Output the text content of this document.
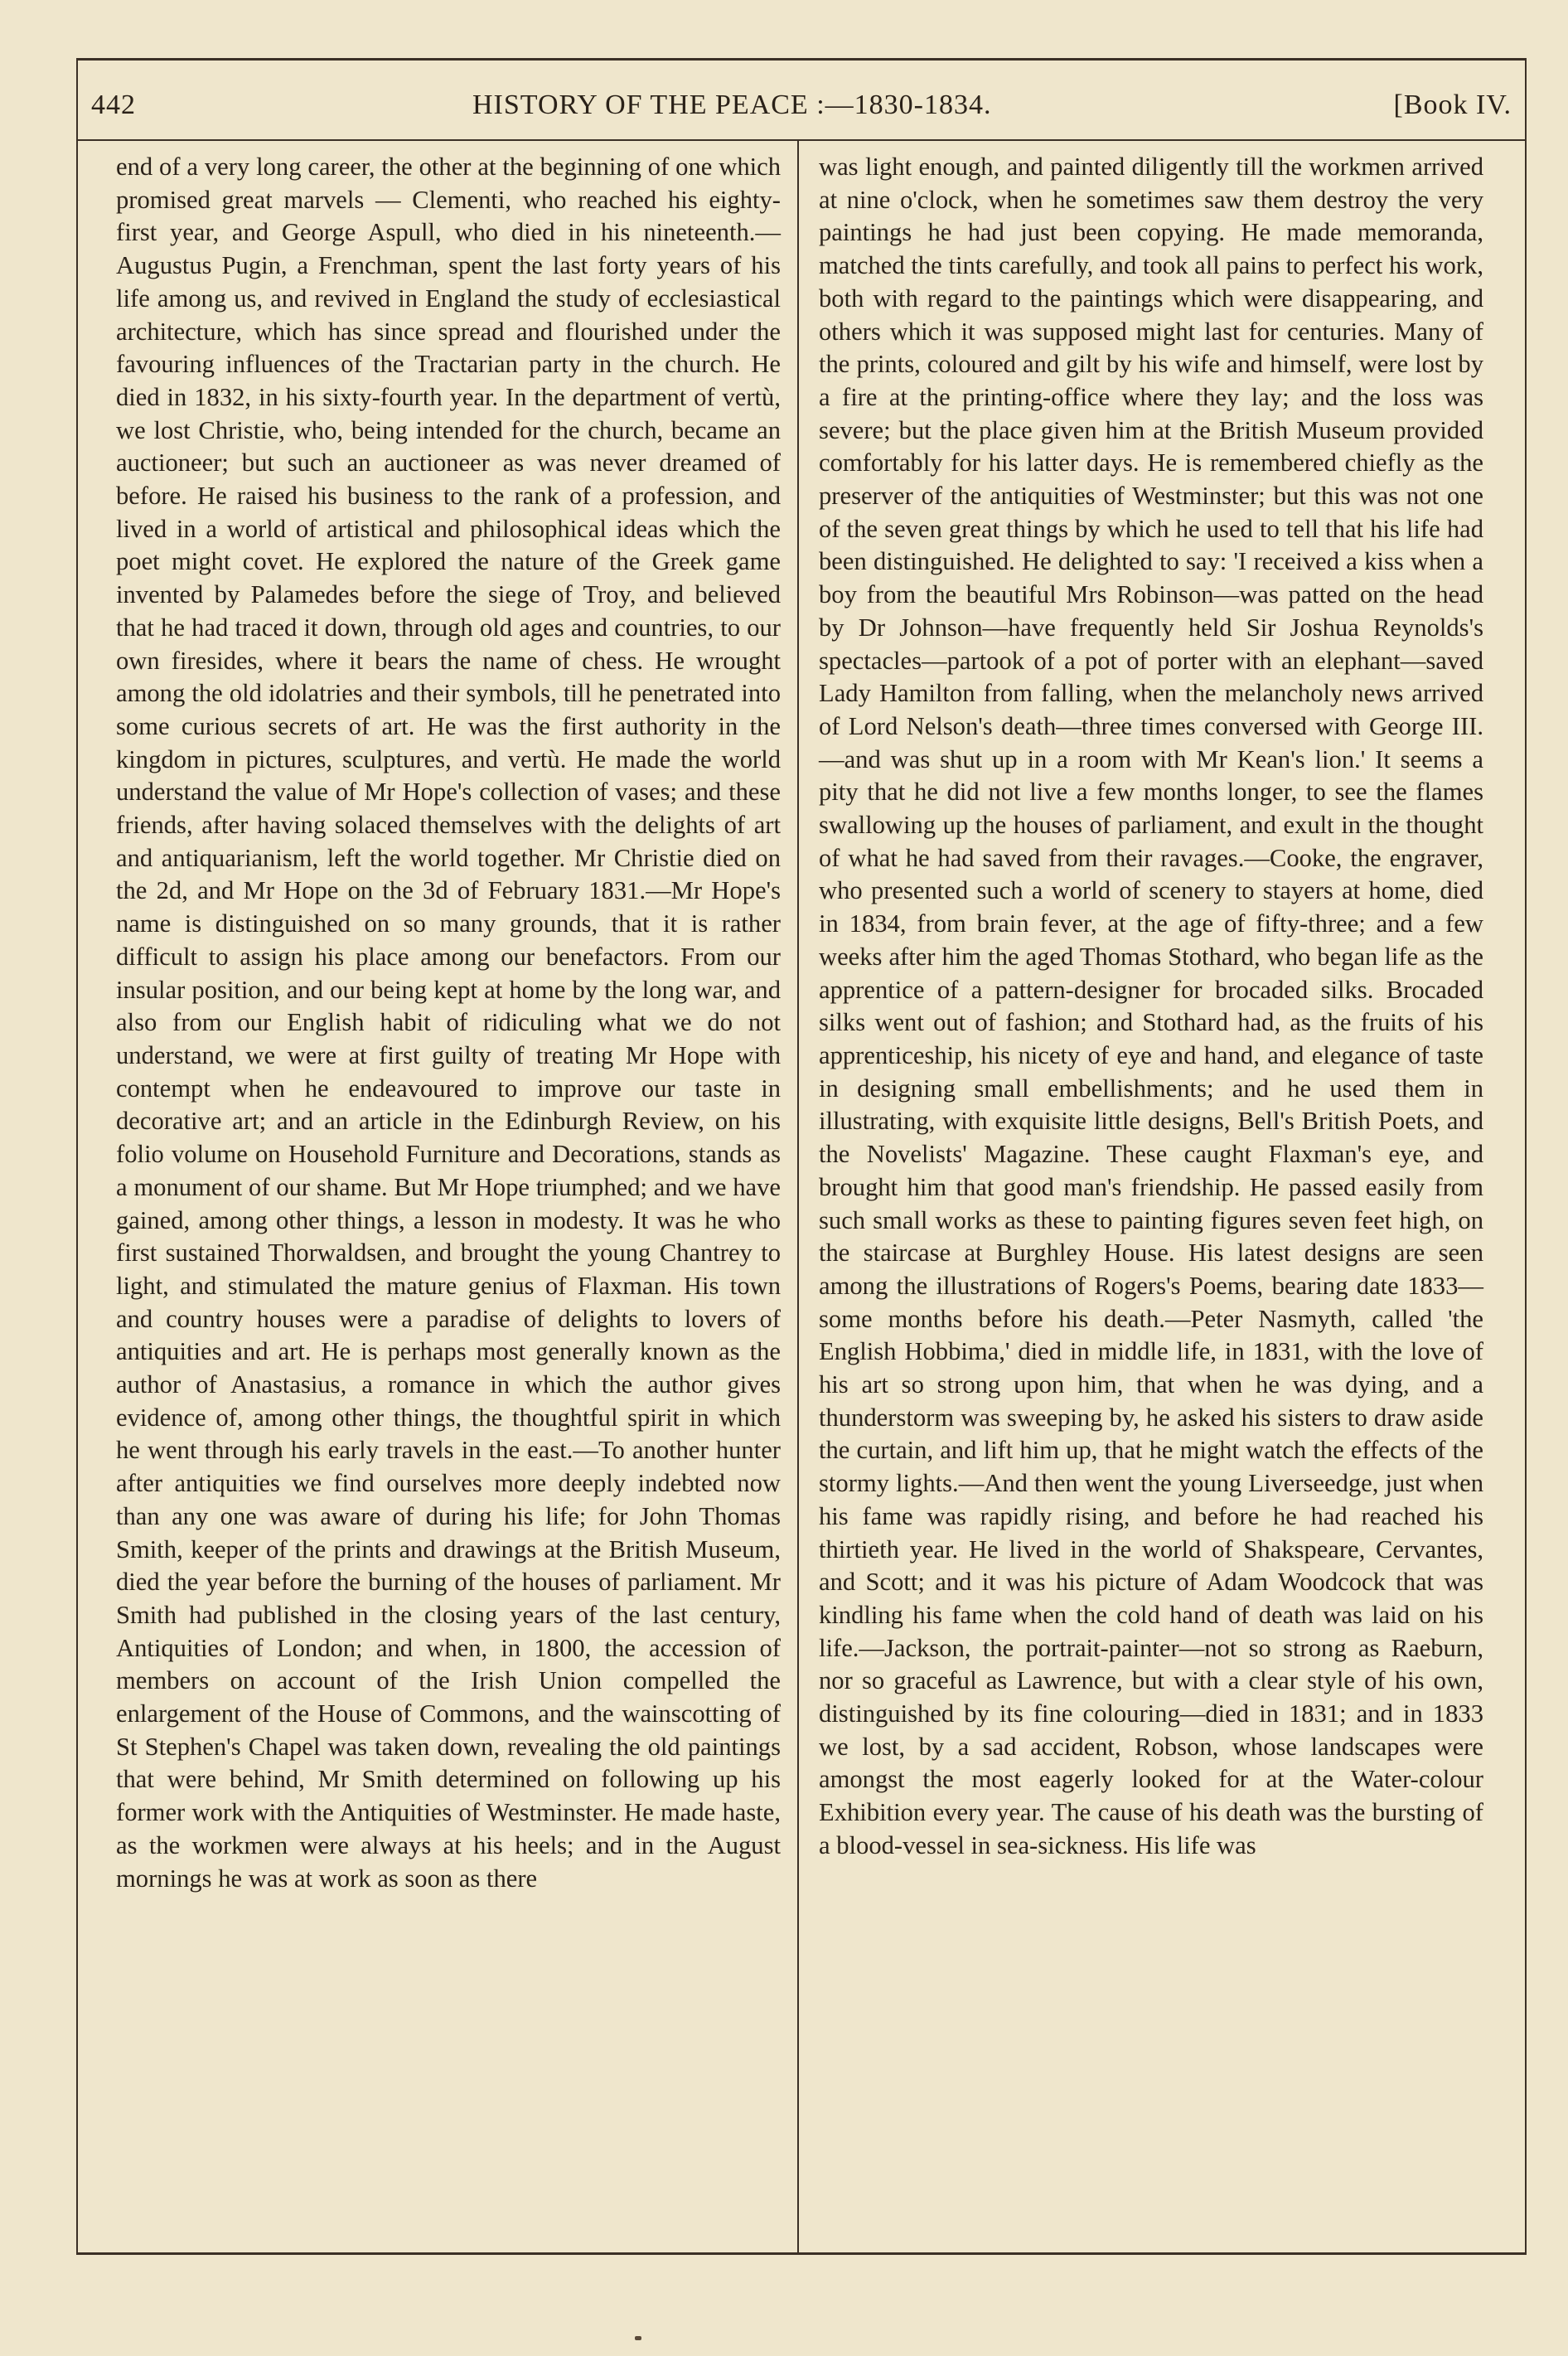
442	HISTORY OF THE PEACE :—1830-1834.	[Book IV.

end of a very long career, the other at the beginning of one which promised great marvels — Clementi, who reached his eighty-first year, and George Aspull, who died in his nineteenth.—Augustus Pugin, a Frenchman, spent the last forty years of his life among us, and revived in England the study of ecclesiastical architecture, which has since spread and flourished under the favouring influences of the Tractarian party in the church. He died in 1832, in his sixty-fourth year. In the department of vertù, we lost Christie, who, being intended for the church, became an auctioneer; but such an auctioneer as was never dreamed of before. He raised his business to the rank of a profession, and lived in a world of artistical and philosophical ideas which the poet might covet. He explored the nature of the Greek game invented by Palamedes before the siege of Troy, and believed that he had traced it down, through old ages and countries, to our own firesides, where it bears the name of chess. He wrought among the old idolatries and their symbols, till he penetrated into some curious secrets of art. He was the first authority in the kingdom in pictures, sculptures, and vertù. He made the world understand the value of Mr Hope's collection of vases; and these friends, after having solaced themselves with the delights of art and antiquarianism, left the world together. Mr Christie died on the 2d, and Mr Hope on the 3d of February 1831.—Mr Hope's name is distinguished on so many grounds, that it is rather difficult to assign his place among our benefactors. From our insular position, and our being kept at home by the long war, and also from our English habit of ridiculing what we do not understand, we were at first guilty of treating Mr Hope with contempt when he endeavoured to improve our taste in decorative art; and an article in the Edinburgh Review, on his folio volume on Household Furniture and Decorations, stands as a monument of our shame. But Mr Hope triumphed; and we have gained, among other things, a lesson in modesty. It was he who first sustained Thorwaldsen, and brought the young Chantrey to light, and stimulated the mature genius of Flaxman. His town and country houses were a paradise of delights to lovers of antiquities and art. He is perhaps most generally known as the author of Anastasius, a romance in which the author gives evidence of, among other things, the thoughtful spirit in which he went through his early travels in the east.—To another hunter after antiquities we find ourselves more deeply indebted now than any one was aware of during his life; for John Thomas Smith, keeper of the prints and drawings at the British Museum, died the year before the burning of the houses of parliament. Mr Smith had published in the closing years of the last century, Antiquities of London; and when, in 1800, the accession of members on account of the Irish Union compelled the enlargement of the House of Commons, and the wainscotting of St Stephen's Chapel was taken down, revealing the old paintings that were behind, Mr Smith determined on following up his former work with the Antiquities of Westminster. He made haste, as the workmen were always at his heels; and in the August mornings he was at work as soon as there

was light enough, and painted diligently till the workmen arrived at nine o'clock, when he sometimes saw them destroy the very paintings he had just been copying. He made memoranda, matched the tints carefully, and took all pains to perfect his work, both with regard to the paintings which were disappearing, and others which it was supposed might last for centuries. Many of the prints, coloured and gilt by his wife and himself, were lost by a fire at the printing-office where they lay; and the loss was severe; but the place given him at the British Museum provided comfortably for his latter days. He is remembered chiefly as the preserver of the antiquities of Westminster; but this was not one of the seven great things by which he used to tell that his life had been distinguished. He delighted to say: 'I received a kiss when a boy from the beautiful Mrs Robinson—was patted on the head by Dr Johnson—have frequently held Sir Joshua Reynolds's spectacles—partook of a pot of porter with an elephant—saved Lady Hamilton from falling, when the melancholy news arrived of Lord Nelson's death—three times conversed with George III.—and was shut up in a room with Mr Kean's lion.' It seems a pity that he did not live a few months longer, to see the flames swallowing up the houses of parliament, and exult in the thought of what he had saved from their ravages.—Cooke, the engraver, who presented such a world of scenery to stayers at home, died in 1834, from brain fever, at the age of fifty-three; and a few weeks after him the aged Thomas Stothard, who began life as the apprentice of a pattern-designer for brocaded silks. Brocaded silks went out of fashion; and Stothard had, as the fruits of his apprenticeship, his nicety of eye and hand, and elegance of taste in designing small embellishments; and he used them in illustrating, with exquisite little designs, Bell's British Poets, and the Novelists' Magazine. These caught Flaxman's eye, and brought him that good man's friendship. He passed easily from such small works as these to painting figures seven feet high, on the staircase at Burghley House. His latest designs are seen among the illustrations of Rogers's Poems, bearing date 1833—some months before his death.—Peter Nasmyth, called 'the English Hobbima,' died in middle life, in 1831, with the love of his art so strong upon him, that when he was dying, and a thunderstorm was sweeping by, he asked his sisters to draw aside the curtain, and lift him up, that he might watch the effects of the stormy lights.—And then went the young Liverseedge, just when his fame was rapidly rising, and before he had reached his thirtieth year. He lived in the world of Shakspeare, Cervantes, and Scott; and it was his picture of Adam Woodcock that was kindling his fame when the cold hand of death was laid on his life.—Jackson, the portrait-painter—not so strong as Raeburn, nor so graceful as Lawrence, but with a clear style of his own, distinguished by its fine colouring—died in 1831; and in 1833 we lost, by a sad accident, Robson, whose landscapes were amongst the most eagerly looked for at the Water-colour Exhibition every year. The cause of his death was the bursting of a blood-vessel in sea-sickness. His life was
